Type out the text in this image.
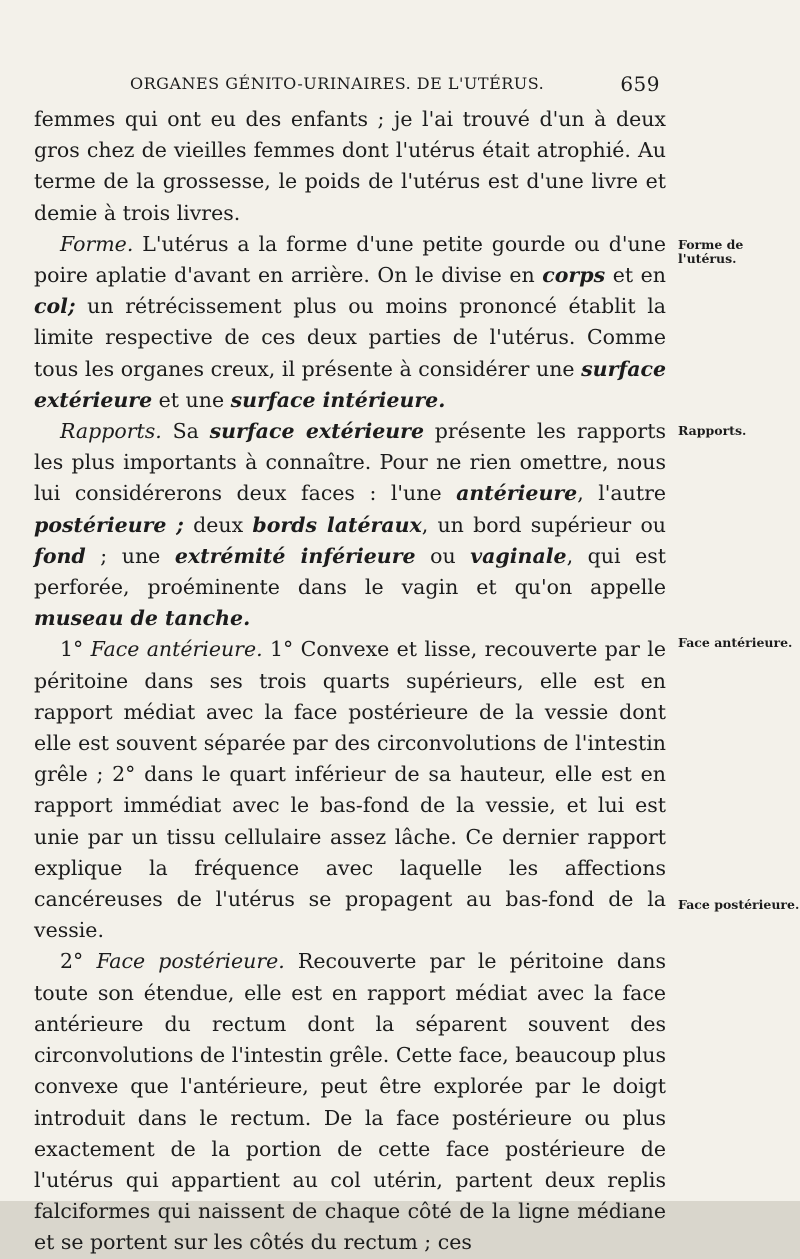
ORGANES GÉNITO-URINAIRES. DE L'UTÉRUS.	659

femmes qui ont eu des enfants ; je l'ai trouvé d'un à deux gros chez de vieilles femmes dont l'utérus était atrophié. Au terme de la grossesse, le poids de l'utérus est d'une livre et demie à trois livres.

Forme. L'utérus a la forme d'une petite gourde ou d'une poire aplatie d'avant en arrière. On le divise en corps et en col; un rétrécissement plus ou moins prononcé établit la limite respective de ces deux parties de l'utérus. Comme tous les organes creux, il présente à considérer une surface extérieure et une surface intérieure.

Rapports. Sa surface extérieure présente les rapports les plus importants à connaître. Pour ne rien omettre, nous lui considérerons deux faces : l'une antérieure, l'autre postérieure ; deux bords latéraux, un bord supérieur ou fond ; une extrémité inférieure ou vaginale, qui est perforée, proéminente dans le vagin et qu'on appelle museau de tanche.

1° Face antérieure. 1° Convexe et lisse, recouverte par le péritoine dans ses trois quarts supérieurs, elle est en rapport médiat avec la face postérieure de la vessie dont elle est souvent séparée par des circonvolutions de l'intestin grêle ; 2° dans le quart inférieur de sa hauteur, elle est en rapport immédiat avec le bas-fond de la vessie, et lui est unie par un tissu cellulaire assez lâche. Ce dernier rapport explique la fréquence avec laquelle les affections cancéreuses de l'utérus se propagent au bas-fond de la vessie.

2° Face postérieure. Recouverte par le péritoine dans toute son étendue, elle est en rapport médiat avec la face antérieure du rectum dont la séparent souvent des circonvolutions de l'intestin grêle. Cette face, beaucoup plus convexe que l'antérieure, peut être explorée par le doigt introduit dans le rectum. De la face postérieure ou plus exactement de la portion de cette face postérieure de l'utérus qui appartient au col utérin, partent deux replis falciformes qui naissent de chaque côté de la ligne médiane et se portent sur les côtés du rectum ; ces

Forme de l'utérus.
Rapports.
Face antérieure.
Face postérieure.
